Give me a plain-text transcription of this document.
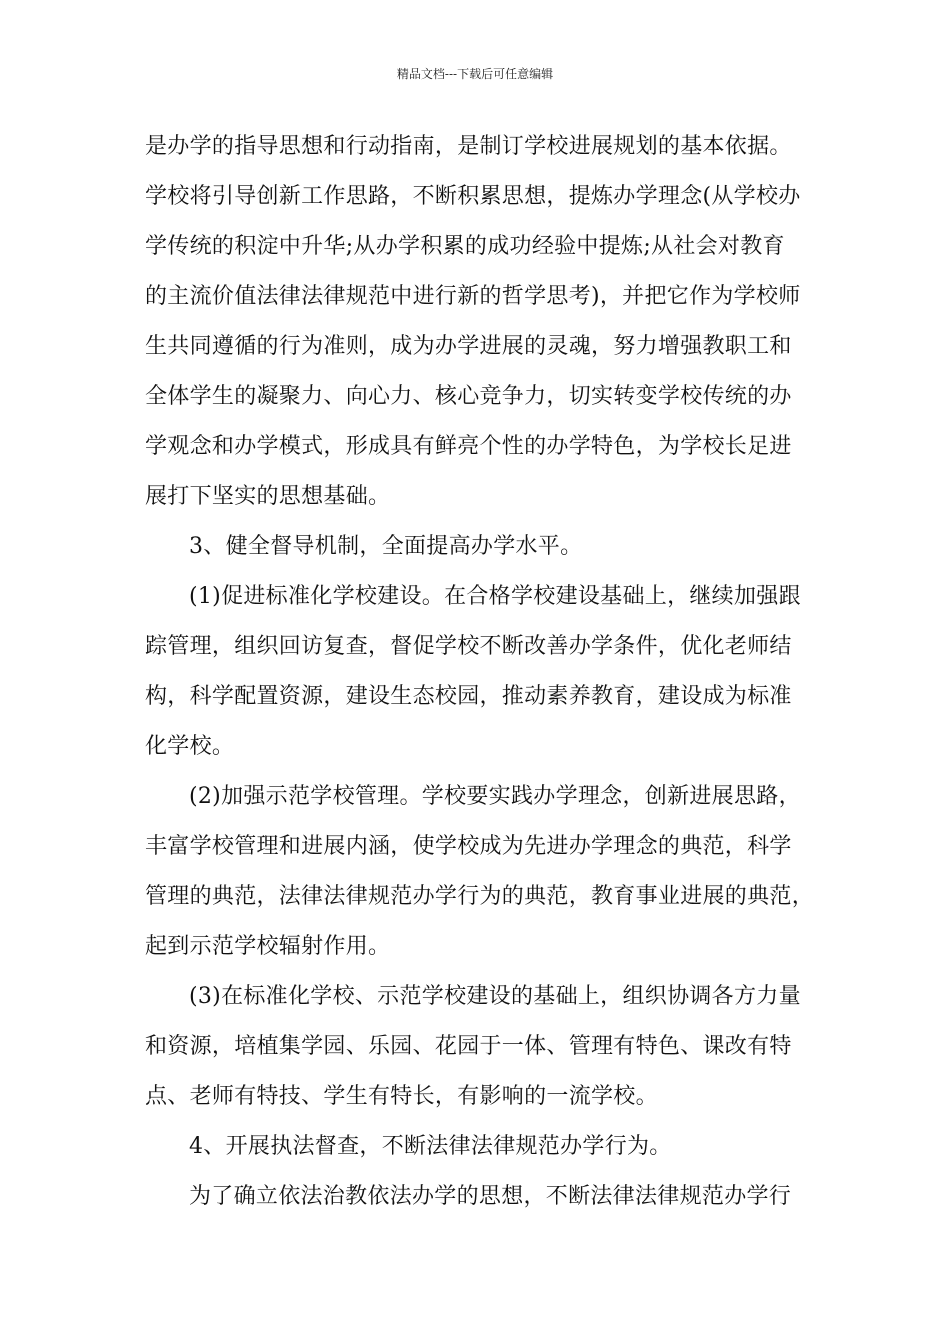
精品文档---下载后可任意编辑
是办学的指导思想和行动指南，是制订学校进展规划的基本依据。
学校将引导创新工作思路，不断积累思想，提炼办学理念(从学校办
学传统的积淀中升华;从办学积累的成功经验中提炼;从社会对教育
的主流价值法律法律规范中进行新的哲学思考)，并把它作为学校师
生共同遵循的行为准则，成为办学进展的灵魂，努力增强教职工和
全体学生的凝聚力、向心力、核心竞争力，切实转变学校传统的办
学观念和办学模式，形成具有鲜亮个性的办学特色，为学校长足进
展打下坚实的思想基础。
3、健全督导机制，全面提高办学水平。
(1)促进标准化学校建设。在合格学校建设基础上，继续加强跟
踪管理，组织回访复查，督促学校不断改善办学条件，优化老师结
构，科学配置资源，建设生态校园，推动素养教育，建设成为标准
化学校。
(2)加强示范学校管理。学校要实践办学理念，创新进展思路，
丰富学校管理和进展内涵，使学校成为先进办学理念的典范，科学
管理的典范，法律法律规范办学行为的典范，教育事业进展的典范，
起到示范学校辐射作用。
(3)在标准化学校、示范学校建设的基础上，组织协调各方力量
和资源，培植集学园、乐园、花园于一体、管理有特色、课改有特
点、老师有特技、学生有特长，有影响的一流学校。
4、开展执法督查，不断法律法律规范办学行为。
为了确立依法治教依法办学的思想，不断法律法律规范办学行
